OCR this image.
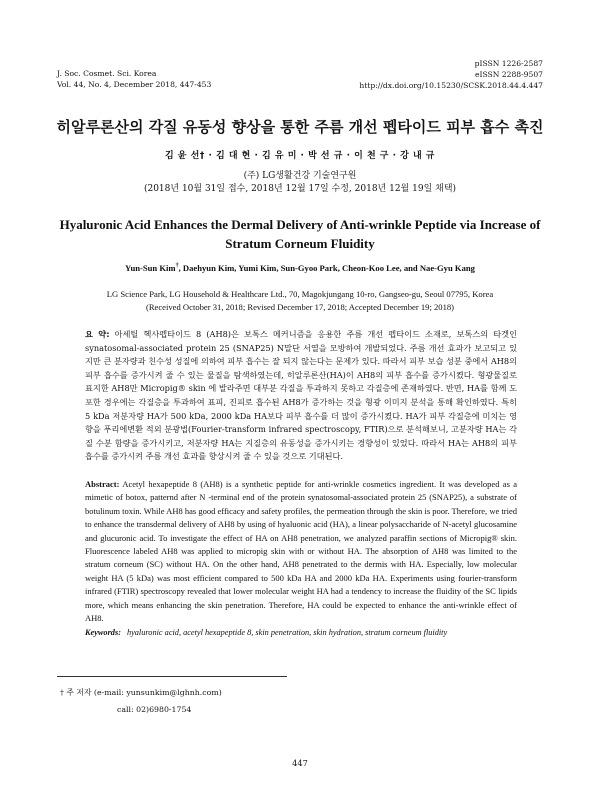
J. Soc. Cosmet. Sci. Korea
Vol. 44, No. 4, December 2018, 447-453
pISSN 1226-2587
eISSN 2288-9507
http://dx.doi.org/10.15230/SCSK.2018.44.4.447
히알루론산의 각질 유동성 향상을 통한 주름 개선 펩타이드 피부 흡수 촉진
김 윤 선† · 김 대 현 · 김 유 미 · 박 선 규 · 이 천 구 · 강 내 규
(주) LG생활건강 기술연구원
(2018년 10월 31일 접수, 2018년 12월 17일 수정, 2018년 12월 19일 채택)
Hyaluronic Acid Enhances the Dermal Delivery of Anti-wrinkle Peptide via Increase of Stratum Corneum Fluidity
Yun-Sun Kim†, Daehyun Kim, Yumi Kim, Sun-Gyoo Park, Cheon-Koo Lee, and Nae-Gyu Kang
LG Science Park, LG Household & Healthcare Ltd., 70, Magokjungang 10-ro, Gangseo-gu, Seoul 07795, Korea
(Received October 31, 2018; Revised December 17, 2018; Accepted December 19; 2018)
요 약: 아세틸 헥사펩타이드 8 (AH8)은 보톡스 메커니즘을 응용한 주름 개선 펩타이드 소재로, 보톡스의 타겟인 synatosomal-associated protein 25 (SNAP25) N말단 서열을 모방하여 개발되었다. 주름 개선 효과가 보고되고 있지만 큰 분자량과 친수성 성질에 의하여 피부 흡수는 잘 되지 않는다는 문제가 있다. 따라서 피부 보습 성분 중에서 AH8의 피부 흡수를 증가시켜 줄 수 있는 물질을 탐색하였는데, 히알루론산(HA)이 AH8의 피부 흡수를 증가시켰다. 형광물질로 표지한 AH8만 Micropig® skin 에 발라주면 대부분 각질을 투과하지 못하고 각질층에 존재하였다. 반면, HA를 함께 도포한 경우에는 각질층을 투과하여 표피, 진피로 흡수된 AH8가 증가하는 것을 형광 이미지 분석을 통해 확인하였다. 특히 5 kDa 저분자량 HA가 500 kDa, 2000 kDa HA보다 피부 흡수를 더 많이 증가시켰다. HA가 피부 각질층에 미치는 영향을 푸리에변환 적외 분광법(Fourier-transform infrared spectroscopy, FTIR)으로 분석해보니, 고분자량 HA는 각질 수분 함량을 증가시키고, 저분자량 HA는 지질층의 유동성을 증가시키는 경향성이 있었다. 따라서 HA는 AH8의 피부 흡수를 증가시켜 주름 개선 효과를 향상시켜 줄 수 있을 것으로 기대된다.
Abstract: Acetyl hexapeptide 8 (AH8) is a synthetic peptide for anti-wrinkle cosmetics ingredient. It was developed as a mimetic of botox, patternd after N -terminal end of the protein synatosomal-associated protein 25 (SNAP25), a substrate of botulinum toxin. While AH8 has good efficacy and safety profiles, the permeation through the skin is poor. Therefore, we tried to enhance the transdermal delivery of AH8 by using of hyaluonic acid (HA), a linear polysaccharide of N-acetyl glucosamine and glucuronic acid. To investigate the effect of HA on AH8 penetration, we analyzed paraffin sections of Micropig® skin. Fluorescence labeled AH8 was applied to micropig skin with or without HA. The absorption of AH8 was limited to the stratum corneum (SC) without HA. On the other hand, AH8 penetrated to the dermis with HA. Especially, low molecular weight HA (5 kDa) was most efficient compared to 500 kDa HA and 2000 kDa HA. Experiments using fourier-transform infrared (FTIR) spectroscopy revealed that lower molecular weight HA had a tendency to increase the fluidity of the SC lipids more, which means enhancing the skin penetration. Therefore, HA could be expected to enhance the anti-wrinkle effect of AH8.
Keywords: hyaluronic acid, acetyl hexapeptide 8, skin penetration, skin hydration, stratum corneum fluidity
† 주 저자 (e-mail: yunsunkim@lghnh.com)
call: 02)6980-1754
447
